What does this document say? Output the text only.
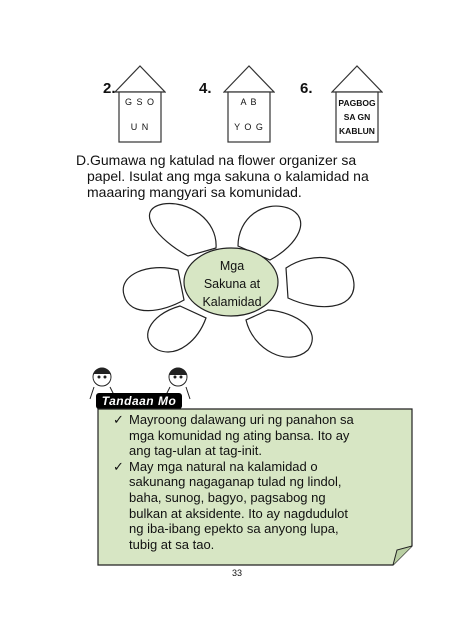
2.
G S O
U N
4.
A B
Y O G
6.
PAGBOG
SA GN
KABLUN
D.Gumawa ng katulad na flower organizer sa
papel. Isulat ang mga sakuna o kalamidad na
maaaring mangyari sa komunidad.
Mga
Sakuna at
Kalamidad
Tandaan Mo
✓ Mayroong dalawang uri ng panahon sa
mga komunidad ng ating bansa. Ito ay
ang tag-ulan at tag-init.
✓ May mga natural na kalamidad o
sakunang nagaganap tulad ng lindol,
baha, sunog, bagyo, pagsabog ng
bulkan at aksidente. Ito ay nagdudulot
ng iba-ibang epekto sa anyong lupa,
tubig at sa tao.
33
